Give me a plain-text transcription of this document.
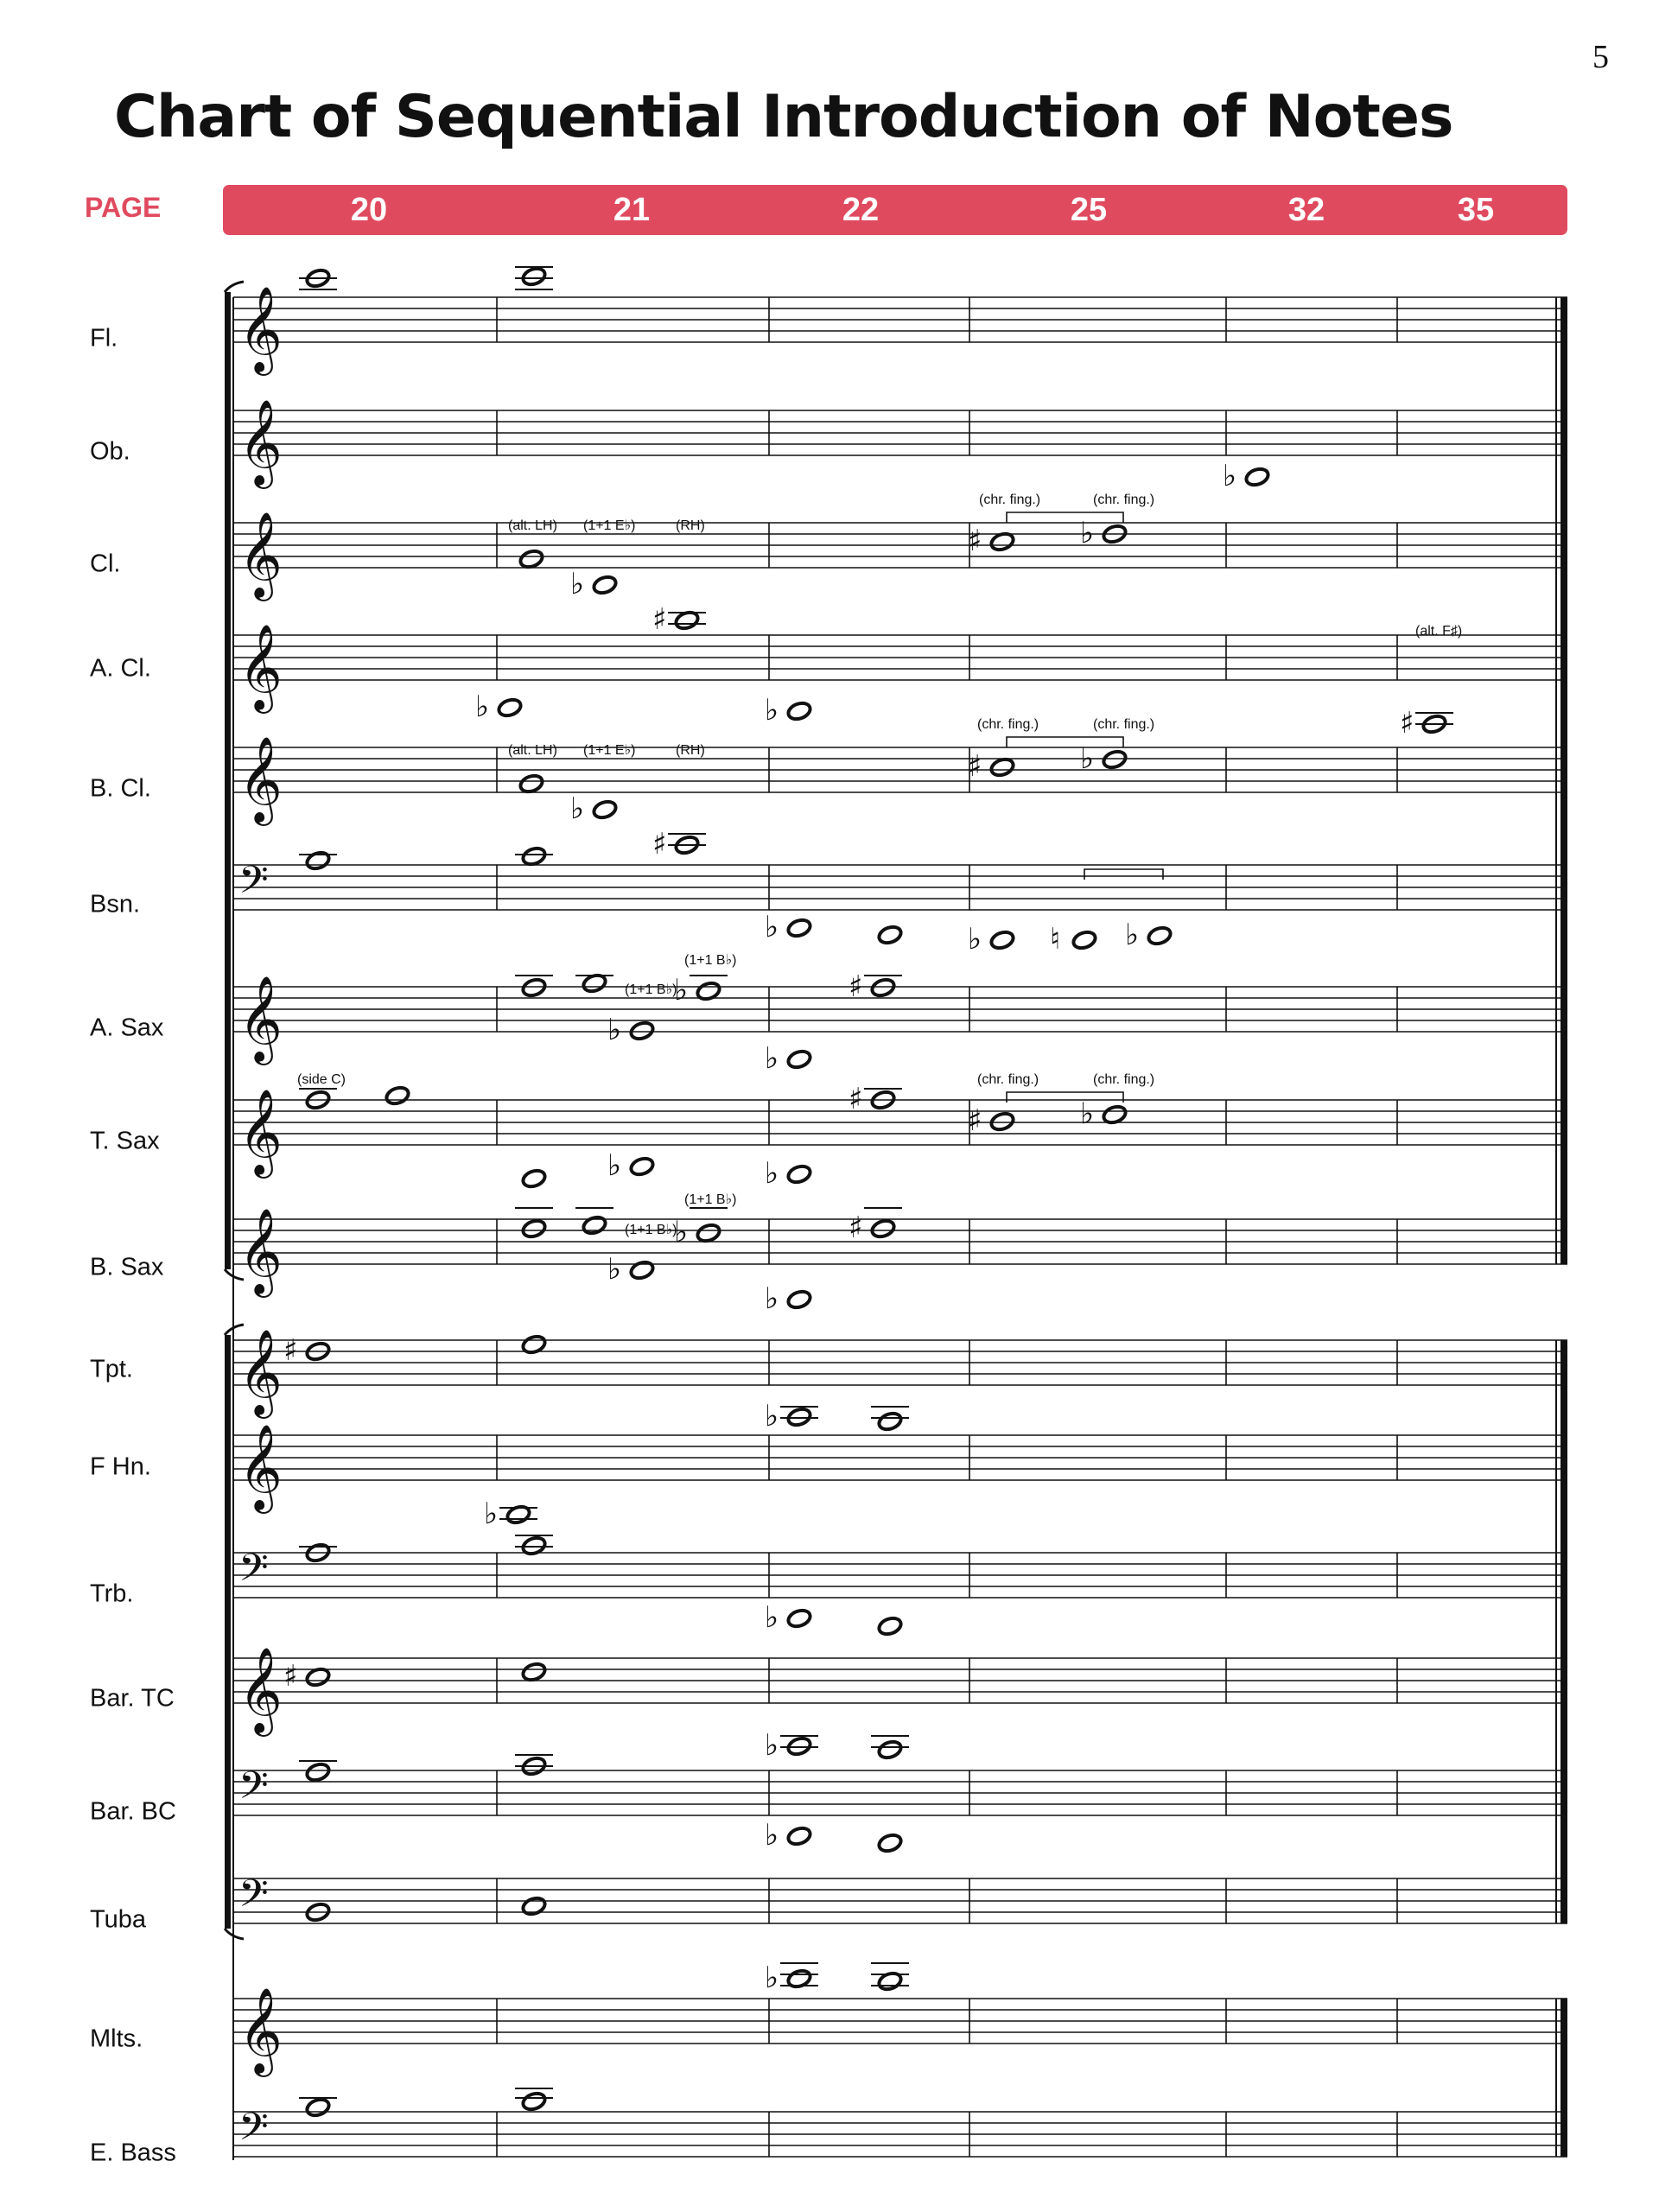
5
Chart of Sequential Introduction of Notes
PAGE	20	21	22	25	32	35
Fl.
Ob.
Cl.
A. Cl.
B. Cl.
Bsn.
A. Sax
T. Sax
B. Sax
Tpt.
F Hn.
Trb.
Bar. TC
Bar. BC
Tuba
Mlts.
E. Bass
(alt. LH) (1+1 E♭)	(RH)
(chr. fing.)	(chr. fing.)
(alt. F♯)
(chr. fing.)	(chr. fing.)
(alt. LH) (1+1 E♭)	(RH)
(1+1 B♭)
(1+1 B♭)
(side C)	(chr. fing.)	(chr. fing.)
(1+1 B♭)
(1+1 B♭)
𝄞
𝄞
𝄞
𝄞
𝄞
𝄢
𝄞
𝄞
𝄞
𝄞
𝄞
𝄢
𝄞
𝄢
𝄢
𝄞
𝄢
♭
♭
♯
♯	♭
♭	♭	♯
♯	♭
♭
♯
♭	♭ ♮ ♭
♭	♯
♭
♭
♯
♯	♭
♭	♭
♭	♯
♭
♭
♯
♭
♭
♭
♯
♭
♭
♭
